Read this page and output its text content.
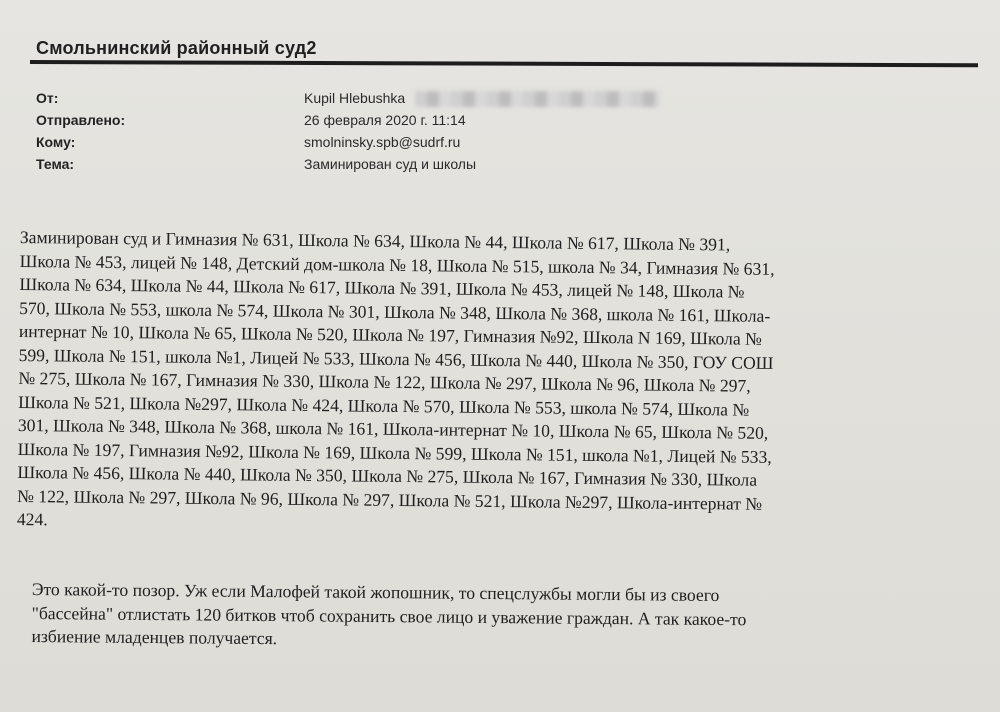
Смольнинский районный суд2
От:	Kupil Hlebushka
Отправлено:	26 февраля 2020 г. 11:14
Кому:	smolninsky.spb@sudrf.ru
Тема:	Заминирован суд и школы
Заминирован суд и Гимназия № 631, Школа № 634, Школа № 44, Школа № 617, Школа № 391,
Школа № 453, лицей № 148, Детский дом-школа № 18, Школа № 515, школа № 34, Гимназия № 631,
Школа № 634, Школа № 44, Школа № 617, Школа № 391, Школа № 453, лицей № 148, Школа №
570, Школа № 553, школа № 574, Школа № 301, Школа № 348, Школа № 368, школа № 161, Школа-
интернат № 10, Школа № 65, Школа № 520, Школа № 197, Гимназия №92, Школа N 169, Школа №
599, Школа № 151, школа №1, Лицей № 533, Школа № 456, Школа № 440, Школа № 350, ГОУ СОШ
№ 275, Школа № 167, Гимназия № 330, Школа № 122, Школа № 297, Школа № 96, Школа № 297,
Школа № 521, Школа №297, Школа № 424, Школа № 570, Школа № 553, школа № 574, Школа №
301, Школа № 348, Школа № 368, школа № 161, Школа-интернат № 10, Школа № 65, Школа № 520,
Школа № 197, Гимназия №92, Школа № 169, Школа № 599, Школа № 151, школа №1, Лицей № 533,
Школа № 456, Школа № 440, Школа № 350, Школа № 275, Школа № 167, Гимназия № 330, Школа
№ 122, Школа № 297, Школа № 96, Школа № 297, Школа № 521, Школа №297, Школа-интернат №
424.
Это какой-то позор. Уж если Малофей такой жопошник, то спецслужбы могли бы из своего
"бассейна" отлистать 120 битков чтоб сохранить свое лицо и уважение граждан. А так какое-то
избиение младенцев получается.
